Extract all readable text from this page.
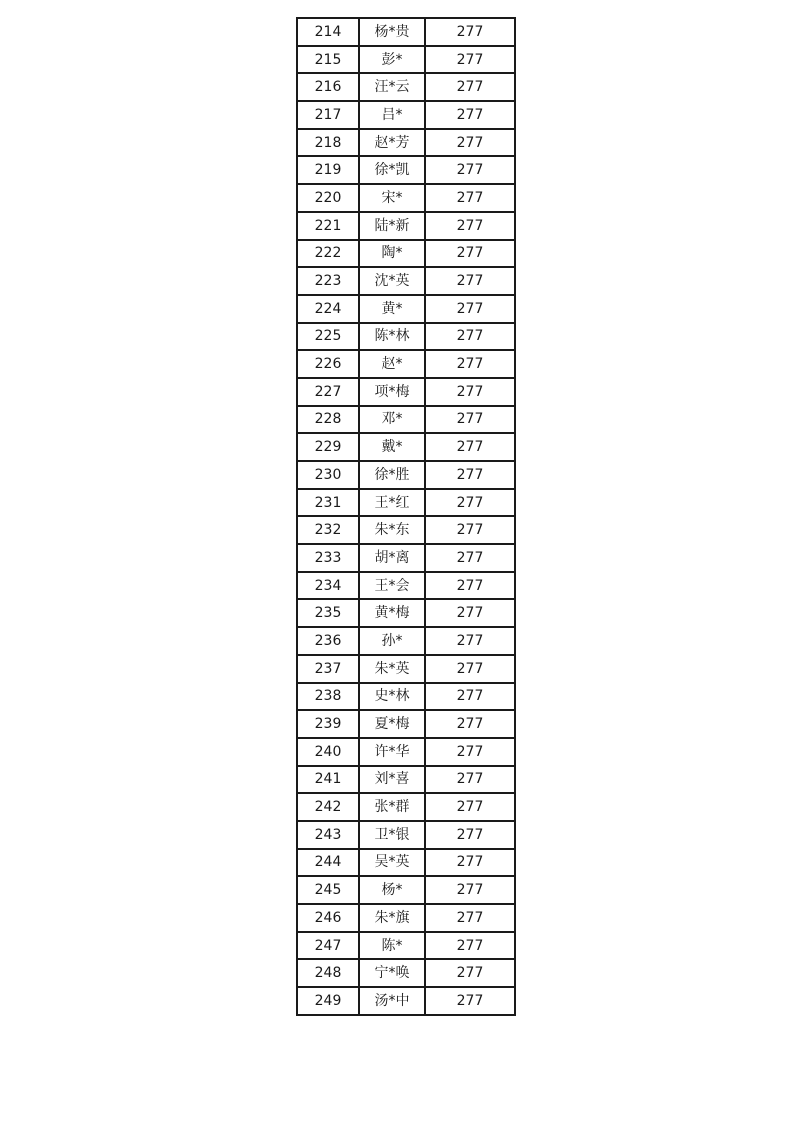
214	杨*贵	277
215	彭*	277
216	汪*云	277
217	吕*	277
218	赵*芳	277
219	徐*凯	277
220	宋*	277
221	陆*新	277
222	陶*	277
223	沈*英	277
224	黄*	277
225	陈*林	277
226	赵*	277
227	项*梅	277
228	邓*	277
229	戴*	277
230	徐*胜	277
231	王*红	277
232	朱*东	277
233	胡*离	277
234	王*会	277
235	黄*梅	277
236	孙*	277
237	朱*英	277
238	史*林	277
239	夏*梅	277
240	许*华	277
241	刘*喜	277
242	张*群	277
243	卫*银	277
244	吴*英	277
245	杨*	277
246	朱*旗	277
247	陈*	277
248	宁*唤	277
249	汤*中	277
